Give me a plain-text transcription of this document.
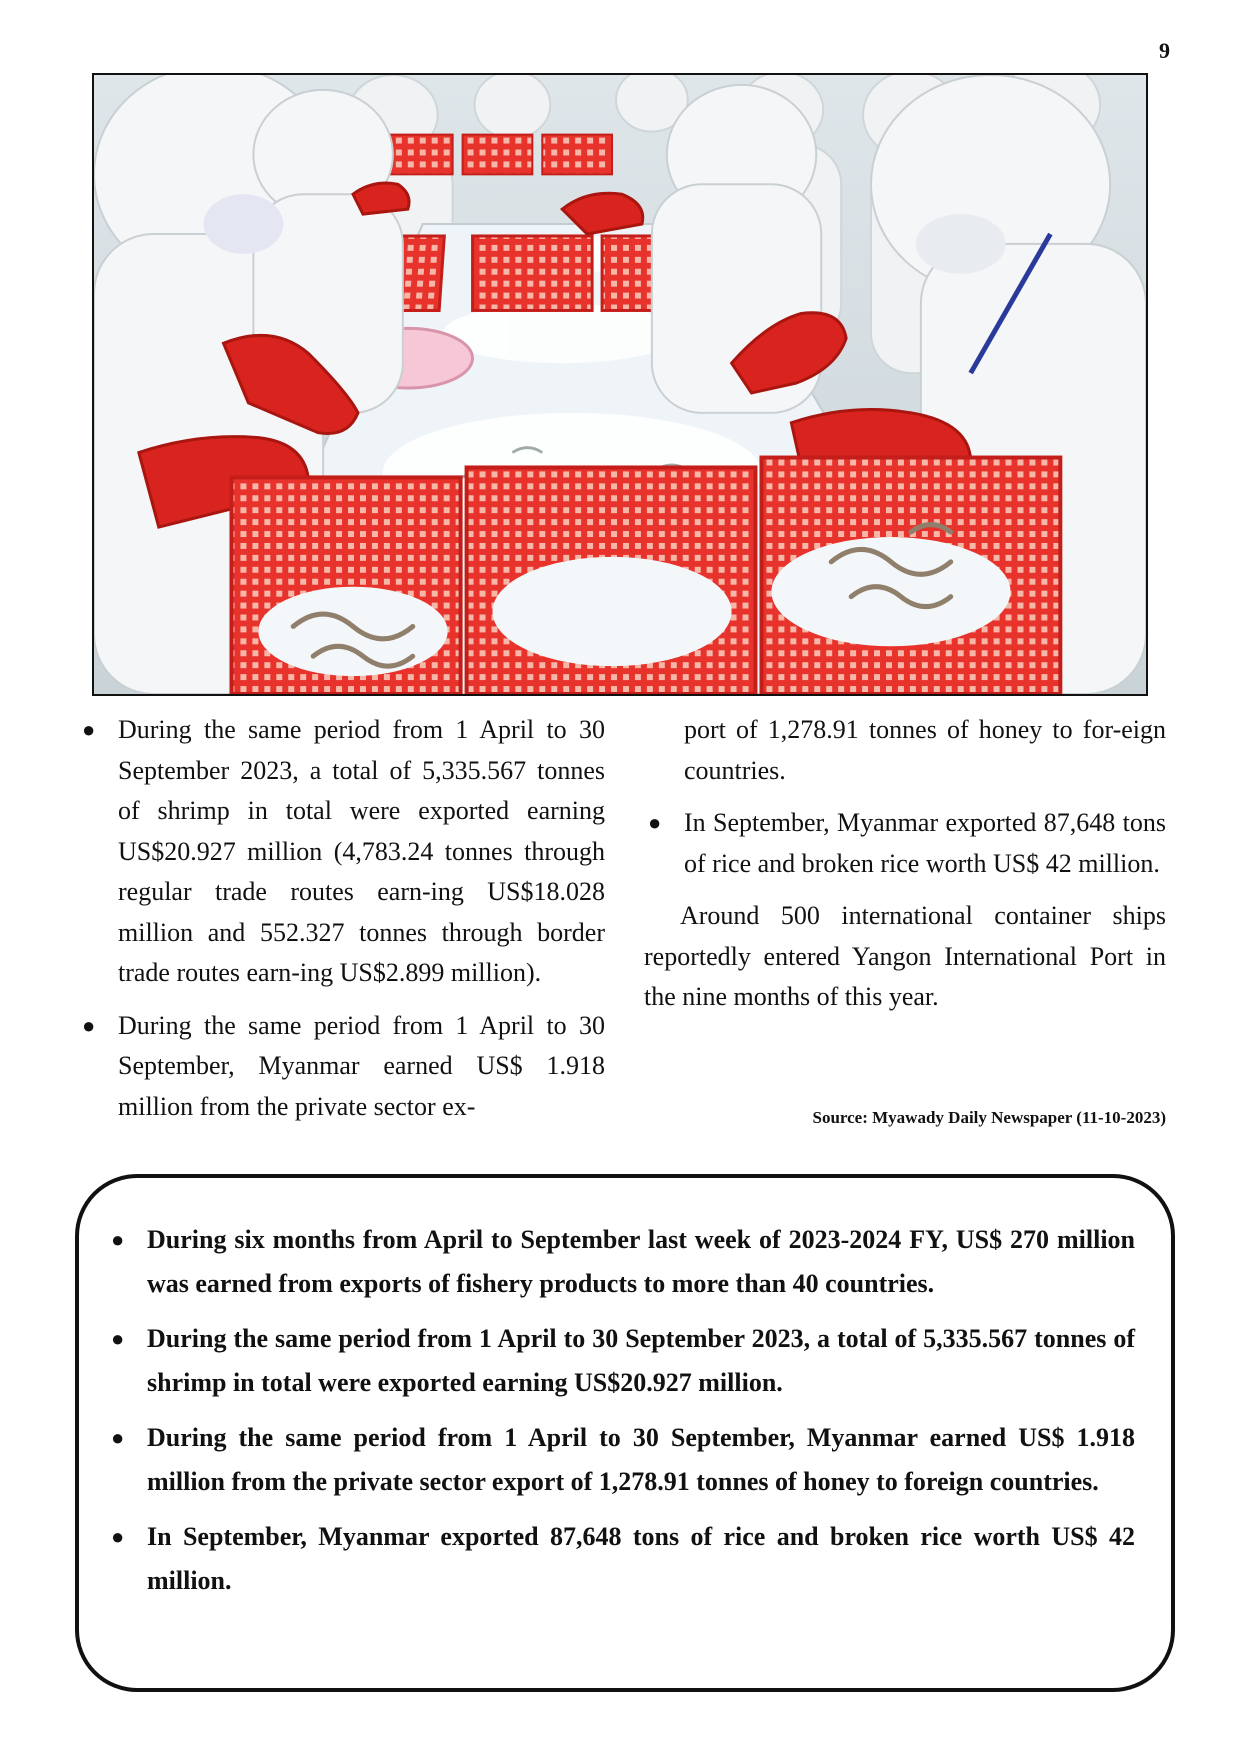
9
● During the same period from 1 April to 30 September 2023, a total of 5,335.567 tonnes of shrimp in total were exported earning US$20.927 million (4,783.24 tonnes through regular trade routes earn-ing US$18.028 million and 552.327 tonnes through border trade routes earn-ing US$2.899 million).
● During the same period from 1 April to 30 September, Myanmar earned US$ 1.918 million from the private sector ex-

port of 1,278.91 tonnes of honey to for-eign countries.

● In September, Myanmar exported 87,648 tons of rice and broken rice worth US$ 42 million.

Around 500 international container ships reportedly entered Yangon International Port in the nine months of this year.

Source: Myawady Daily Newspaper (11-10-2023)
● During six months from April to September last week of 2023-2024 FY, US$ 270 million was earned from exports of fishery products to more than 40 countries.
● During the same period from 1 April to 30 September 2023, a total of 5,335.567 tonnes of shrimp in total were exported earning US$20.927 million.
● During the same period from 1 April to 30 September, Myanmar earned US$ 1.918 million from the private sector export of 1,278.91 tonnes of honey to foreign countries.
● In September, Myanmar exported 87,648 tons of rice and broken rice worth US$ 42 million.
